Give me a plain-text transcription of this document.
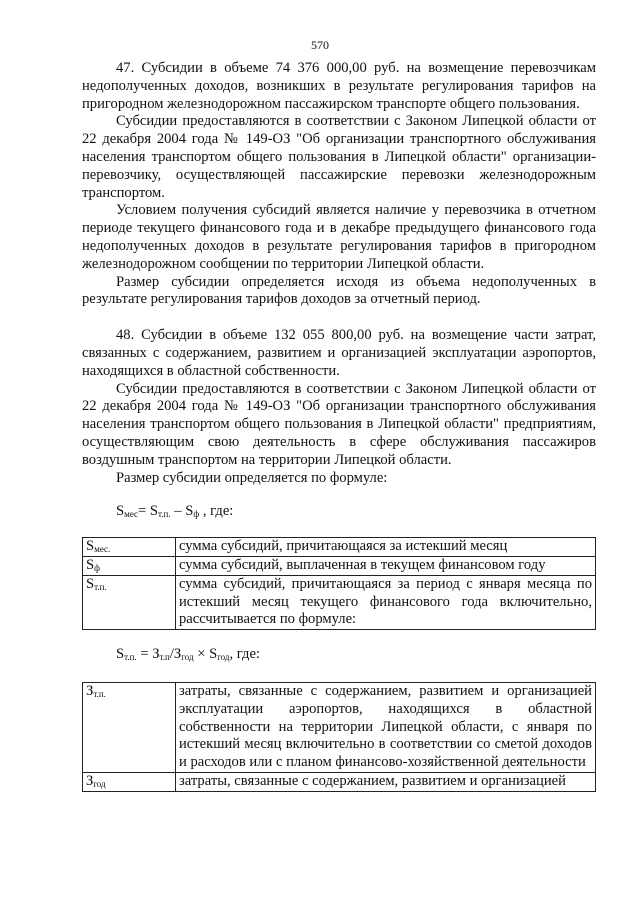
570

47. Субсидии в объеме 74 376 000,00 руб. на возмещение перевозчикам недополученных доходов, возникших в результате регулирования тарифов на пригородном железнодорожном пассажирском транспорте общего пользования.

Субсидии предоставляются в соответствии с Законом Липецкой области от 22 декабря 2004 года № 149-ОЗ "Об организации транспортного обслуживания населения транспортом общего пользования в Липецкой области" организации-перевозчику, осуществляющей пассажирские перевозки железнодорожным транспортом.

Условием получения субсидий является наличие у перевозчика в отчетном периоде текущего финансового года и в декабре предыдущего финансового года недополученных доходов в результате регулирования тарифов в пригородном железнодорожном сообщении по территории Липецкой области.

Размер субсидии определяется исходя из объема недополученных в результате регулирования тарифов доходов за отчетный период.

48. Субсидии в объеме 132 055 800,00 руб. на возмещение части затрат, связанных с содержанием, развитием и организацией эксплуатации аэропортов, находящихся в областной собственности.

Субсидии предоставляются в соответствии с Законом Липецкой области от 22 декабря 2004 года № 149-ОЗ "Об организации транспортного обслуживания населения транспортом общего пользования в Липецкой области" предприятиям, осуществляющим свою деятельность в сфере обслуживания пассажиров воздушным транспортом на территории Липецкой области.

Размер субсидии определяется по формуле:

$S_{мес}= S_{т.п.} - S_ф$ , где:

$S_{мес.}$	сумма субсидий, причитающаяся за истекший месяц
$S_ф$	сумма субсидий, выплаченная в текущем финансовом году
$S_{т.п.}$	сумма субсидий, причитающаяся за период с января месяца по истекший месяц текущего финансового года включительно, рассчитывается по формуле:

$S_{т.п.} = З_{т.п}/З_{год} \times S_{год}$, где:

$З_{т.п.}$	затраты, связанные с содержанием, развитием и организацией эксплуатации аэропортов, находящихся в областной собственности на территории Липецкой области, с января по истекший месяц включительно в соответствии со сметой доходов и расходов или с планом финансово-хозяйственной деятельности
$З_{год}$	затраты, связанные с содержанием, развитием и организацией
